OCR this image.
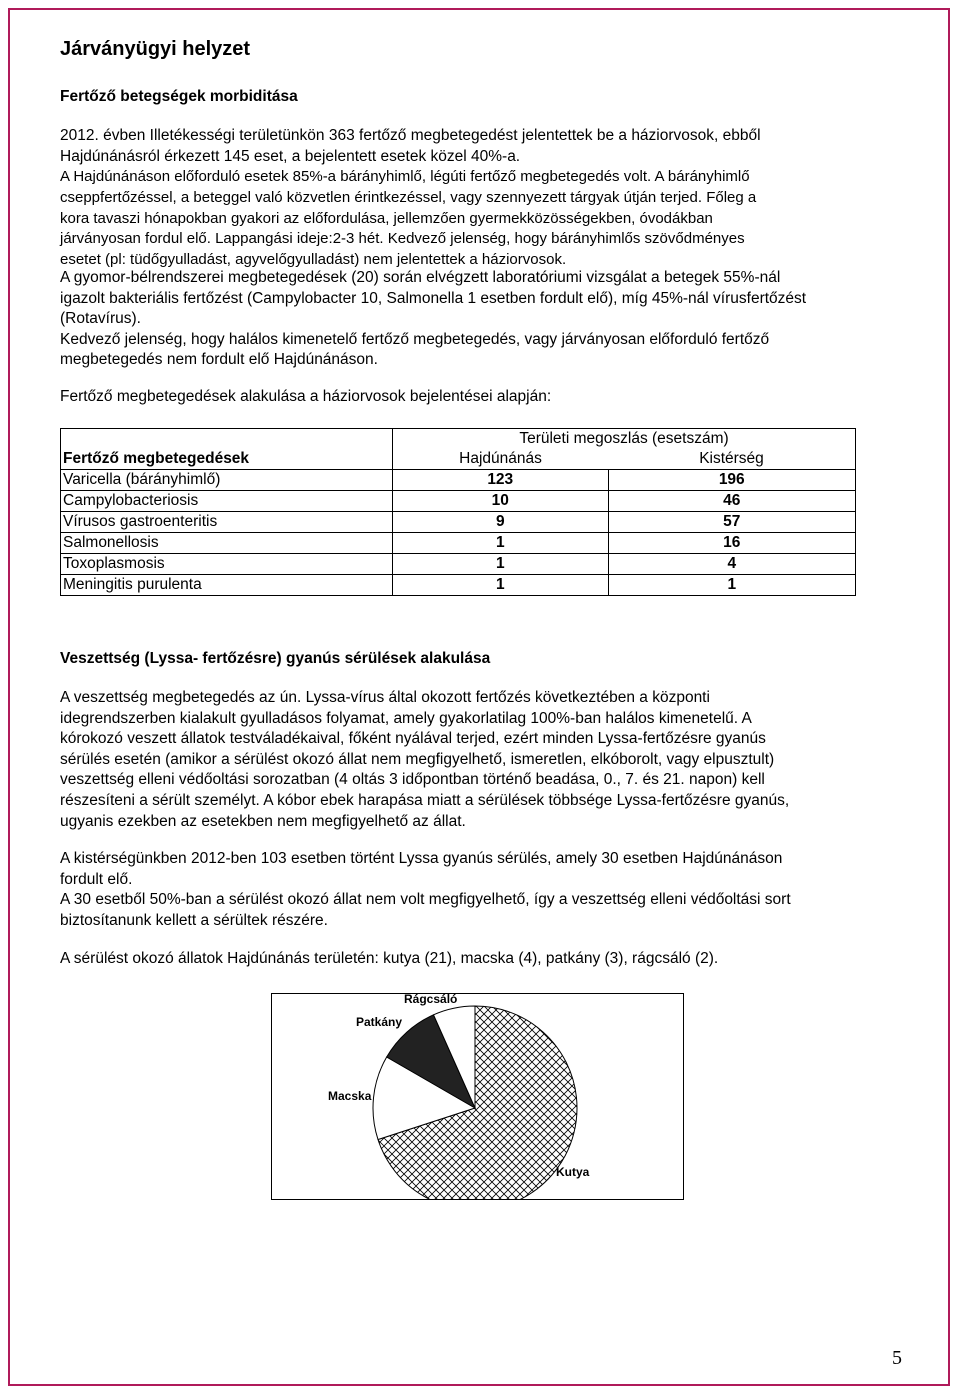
Járványügyi helyzet

Fertőző betegségek morbiditása

2012. évben Illetékességi területünkön 363 fertőző megbetegedést jelentettek be a háziorvosok, ebből
Hajdúnánásról érkezett 145 eset, a bejelentett esetek közel 40%-a.
A Hajdúnánáson előforduló esetek 85%-a bárányhimlő, légúti fertőző megbetegedés volt. A bárányhimlő
cseppfertőzéssel, a beteggel való közvetlen érintkezéssel, vagy szennyezett tárgyak útján terjed. Főleg a
kora tavaszi hónapokban gyakori az előfordulása, jellemzően gyermekközösségekben, óvodákban
járványosan fordul elő. Lappangási ideje:2-3 hét. Kedvező jelenség, hogy bárányhimlős szövődményes
esetet (pl: tüdőgyulladást, agyvelőgyulladást) nem jelentettek a háziorvosok.
A gyomor-bélrendszerei megbetegedések (20) során elvégzett laboratóriumi vizsgálat a betegek 55%-nál
igazolt bakteriális fertőzést (Campylobacter 10, Salmonella 1 esetben fordult elő), míg 45%-nál vírusfertőzést
(Rotavírus).
Kedvező jelenség, hogy halálos kimenetelő fertőző megbetegedés, vagy járványosan előforduló fertőző
megbetegedés nem fordult elő Hajdúnánáson.
Fertőző megbetegedések alakulása a háziorvosok bejelentései alapján:
Fertőző megbetegedések	Területi megoszlás (esetszám)	
	Hajdúnánás	Kistérség
Varicella (bárányhimlő)	123	196
Campylobacteriosis	10	46
Vírusos gastroenteritis	9	57
Salmonellosis	1	16
Toxoplasmosis	1	4
Meningitis purulenta	1	1

Veszettség (Lyssa- fertőzésre) gyanús sérülések alakulása

A veszettség megbetegedés az ún. Lyssa-vírus által okozott fertőzés következtében a központi
idegrendszerben kialakult gyulladásos folyamat, amely gyakorlatilag 100%-ban halálos kimenetelű. A
kórokozó veszett állatok testváladékaival, főként nyálával terjed, ezért minden Lyssa-fertőzésre gyanús
sérülés esetén (amikor a sérülést okozó állat nem megfigyelhető, ismeretlen, elkóborolt, vagy elpusztult)
veszettség elleni védőoltási sorozatban (4 oltás 3 időpontban történő beadása, 0., 7. és 21. napon) kell
részesíteni a sérült személyt. A kóbor ebek harapása miatt a sérülések többsége Lyssa-fertőzésre gyanús,
ugyanis ezekben az esetekben nem megfigyelhető az állat.
A kistérségünkben 2012-ben 103 esetben történt Lyssa gyanús sérülés, amely 30 esetben Hajdúnánáson
fordult elő.
A 30 esetből 50%-ban a sérülést okozó állat nem volt megfigyelhető, így a veszettség elleni védőoltási sort
biztosítanunk kellett a sérültek részére.
A sérülést okozó állatok Hajdúnánás területén: kutya (21), macska (4), patkány (3), rágcsáló (2).
Kutya
Macska
Patkány
Rágcsáló
5
